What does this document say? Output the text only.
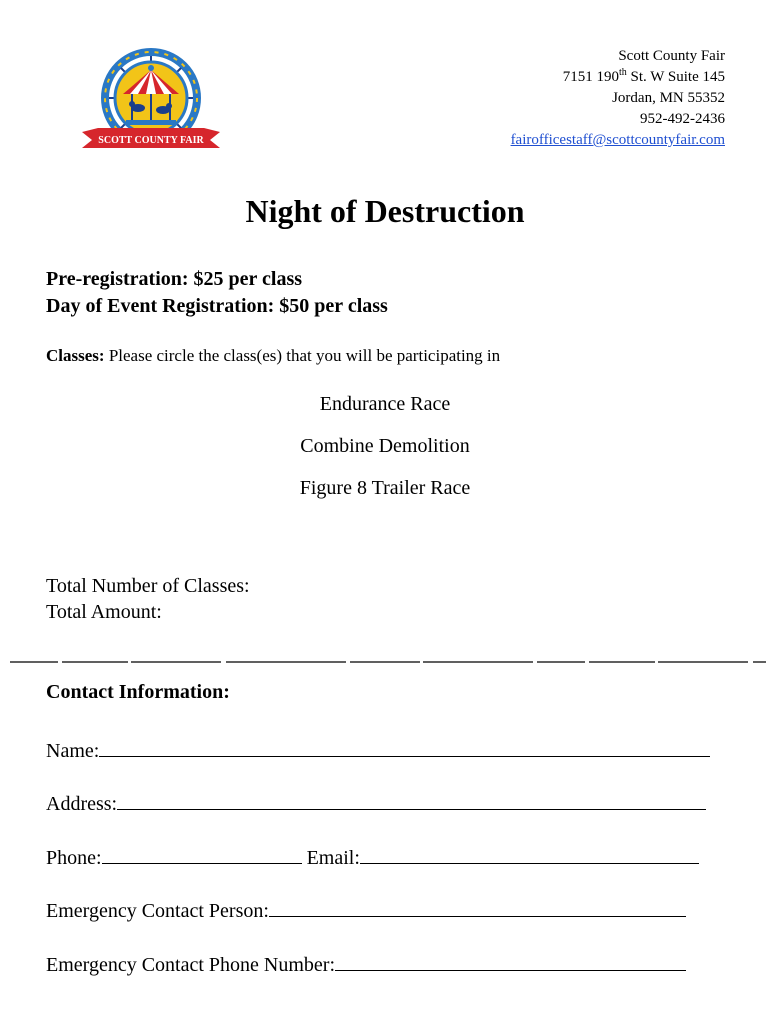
SCOTT COUNTY FAIR
Scott County Fair
7151 190th St. W Suite 145
Jordan, MN 55352
952-492-2436
fairofficestaff@scottcountyfair.com
Night of Destruction
Pre-registration: $25 per class
Day of Event Registration: $50 per class
Classes: Please circle the class(es) that you will be participating in
Endurance Race
Combine Demolition
Figure 8 Trailer Race
Total Number of Classes:
Total Amount:
Contact Information:
Name:
Address:
Phone:	Email:
Emergency Contact Person:
Emergency Contact Phone Number:
